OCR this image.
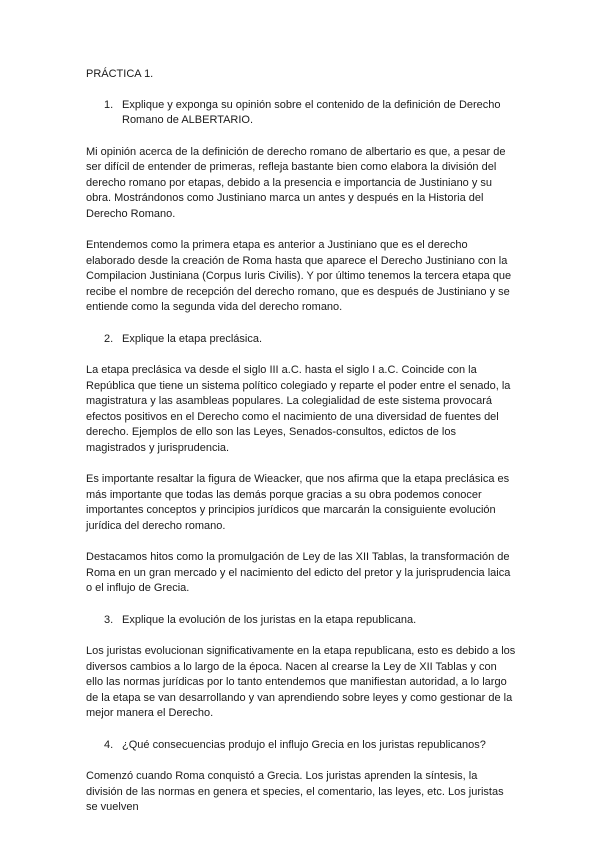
PRÁCTICA 1.

1. Explique y exponga su opinión sobre el contenido de la definición de Derecho Romano de ALBERTARIO.

Mi opinión acerca de la definición de derecho romano de albertario es que, a pesar de ser difícil de entender de primeras, refleja bastante bien como elabora la división del derecho romano por etapas, debido a la presencia e importancia de Justiniano y su obra. Mostrándonos como Justiniano marca un antes y después en la Historia del Derecho Romano.

Entendemos como la primera etapa es anterior a Justiniano que es el derecho elaborado desde la creación de Roma hasta que aparece el Derecho Justiniano con la Compilacion Justiniana (Corpus Iuris Civilis). Y por último tenemos la tercera etapa que recibe el nombre de recepción del derecho romano, que es después de Justiniano y se entiende como la segunda vida del derecho romano.

2. Explique la etapa preclásica.

La etapa preclásica va desde el siglo III a.C. hasta el siglo I a.C. Coincide con la República que tiene un sistema político colegiado y reparte el poder entre el senado, la magistratura y las asambleas populares. La colegialidad de este sistema provocará efectos positivos en el Derecho como el nacimiento de una diversidad de fuentes del derecho. Ejemplos de ello son las Leyes, Senados-consultos, edictos de los magistrados y jurisprudencia.

Es importante resaltar la figura de Wieacker, que nos afirma que la etapa preclásica es más importante que todas las demás porque gracias a su obra podemos conocer importantes conceptos y principios jurídicos que marcarán la consiguiente evolución jurídica del derecho romano.

Destacamos hitos como la promulgación de Ley de las XII Tablas, la transformación de Roma en un gran mercado y el nacimiento del edicto del pretor y la jurisprudencia laica o el influjo de Grecia.

3. Explique la evolución de los juristas en la etapa republicana.

Los juristas evolucionan significativamente en la etapa republicana, esto es debido a los diversos cambios a lo largo de la época. Nacen al crearse la Ley de XII Tablas y con ello las normas jurídicas por lo tanto entendemos que manifiestan autoridad, a lo largo de la etapa se van desarrollando y van aprendiendo sobre leyes y como gestionar de la mejor manera el Derecho.

4. ¿Qué consecuencias produjo el influjo Grecia en los juristas republicanos?

Comenzó cuando Roma conquistó a Grecia. Los juristas aprenden la síntesis, la división de las normas en genera et species, el comentario, las leyes, etc. Los juristas se vuelven
